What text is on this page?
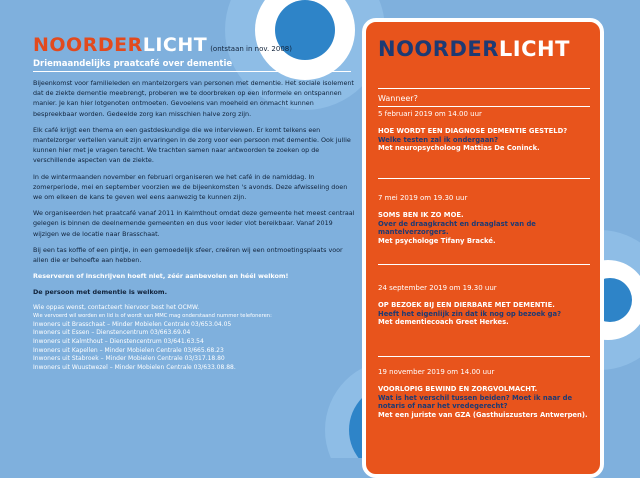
NOORDERLICHT (ontstaan in nov. 2008)
Driemaandelijks praatcafé over dementie

Bijeenkomst voor familieleden en mantelzorgers van personen met dementie. Het sociale isolement dat de ziekte dementie meebrengt, proberen we te doorbreken op een informele en ontspannen manier. Je kan hier lotgenoten ontmoeten. Gevoelens van moeheid en onmacht kunnen bespreekbaar worden. Gedeelde zorg kan misschien halve zorg zijn.

Elk café krijgt een thema en een gastdeskundige die we interviewen. Er komt telkens een mantelzorger vertellen vanuit zijn ervaringen in de zorg voor een persoon met dementie. Ook jullie kunnen hier met je vragen terecht. We trachten samen naar antwoorden te zoeken op de verschillende aspecten van de ziekte.

In de wintermaanden november en februari organiseren we het café in de namiddag. In zomerperiode, mei en september voorzien we de bijeenkomsten 's avonds. Deze afwisseling doen we om elkeen de kans te geven wel eens aanwezig te kunnen zijn.

We organiseerden het praatcafé vanaf 2011 in Kalmthout omdat deze gemeente het meest centraal gelegen is binnen de deelnemende gemeenten en dus voor ieder vlot bereikbaar. Vanaf 2019 wijzigen we de locatie naar Brasschaat.

Bij een tas koffie of een pintje, in een gemoedelijk sfeer, creëren wij een ontmoetingsplaats voor allen die er behoefte aan hebben.

Reserveren of inschrijven hoeft niet, zéér aanbevolen en héél welkom!

De persoon met dementie is welkom.

Wie oppas wenst, contacteert hiervoor best het OCMW.
Wie vervoerd wil worden en lid is of wordt van MMC mag onderstaand nummer telefoneren:
Inwoners uit Brasschaat – Minder Mobielen Centrale 03/653.04.05
Inwoners uit Essen – Dienstencentrum 03/663.69.04
Inwoners uit Kalmthout – Dienstencentrum 03/641.63.54
Inwoners uit Kapellen – Minder Mobielen Centrale 03/665.68.23
Inwoners uit Stabroek – Minder Mobielen Centrale 03/317.18.80
Inwoners uit Wuustwezel – Minder Mobielen Centrale 03/633.08.88.
NOORDERLICHT
Wanneer?
5 februari 2019 om 14.00 uur
HOE WORDT EEN DIAGNOSE DEMENTIE GESTELD?
Welke testen zal ik ondergaan?
Met neuropsycholoog Mattias De Coninck.
7 mei 2019 om 19.30 uur
SOMS BEN IK ZO MOE.
Over de draagkracht en draaglast van de mantelverzorgers.
Met psychologe Tifany Bracké.
24 september 2019 om 19.30 uur
OP BEZOEK BIJ EEN DIERBARE MET DEMENTIE.
Heeft het eigenlijk zin dat ik nog op bezoek ga?
Met dementiecoach Greet Herkes.
19 november 2019 om 14.00 uur
VOORLOPIG BEWIND EN ZORGVOLMACHT.
Wat is het verschil tussen beiden? Moet ik naar de notaris of naar het vredegerecht?
Met een juriste van GZA (Gasthuiszusters Antwerpen).
